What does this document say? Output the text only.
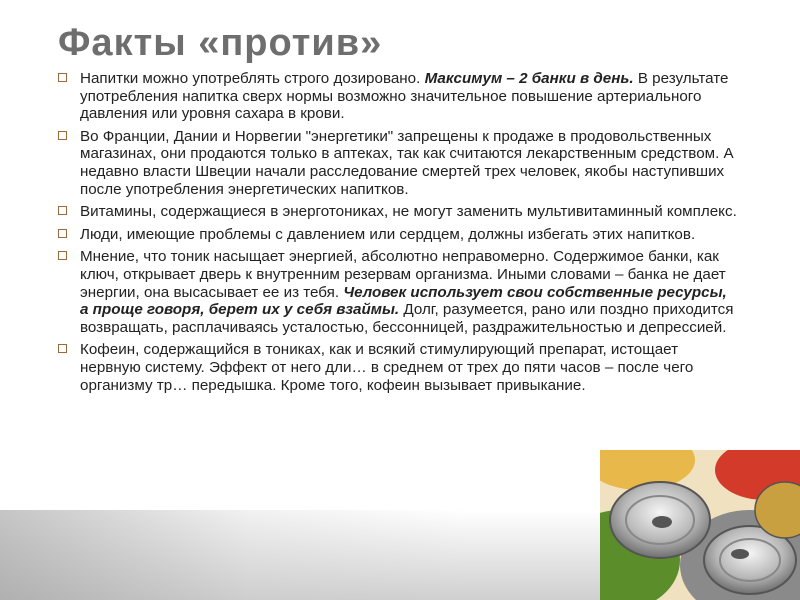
Факты «против»
Напитки можно употреблять строго дозировано. Максимум – 2 банки в день. В результате употребления напитка сверх нормы возможно значительное повышение артериального давления или уровня сахара в крови.
Во Франции, Дании и Норвегии "энергетики" запрещены к продаже в продовольственных магазинах, они продаются только в аптеках, так как считаются лекарственным средством. А недавно власти Швеции начали расследование смертей трех человек, якобы наступивших после употребления энергетических напитков.
Витамины, содержащиеся в энерготониках, не могут заменить мультивитаминный комплекс.
Люди, имеющие проблемы с давлением или сердцем, должны избегать этих напитков.
Мнение, что тоник насыщает энергией, абсолютно неправомерно. Содержимое банки, как ключ, открывает дверь к внутренним резервам организма. Иными словами – банка не дает энергии, она высасывает ее из тебя. Человек использует свои собственные ресурсы, а проще говоря, берет их у себя взаймы. Долг, разумеется, рано или поздно приходится возвращать, расплачиваясь усталостью, бессонницей, раздражительностью и депрессией.
Кофеин, содержащийся в тониках, как и всякий стимулирующий препарат, истощает нервную систему. Эффект от него дли… в среднем от трех до пяти часов – после чего организму тр… передышка. Кроме того, кофеин вызывает привыкание.
